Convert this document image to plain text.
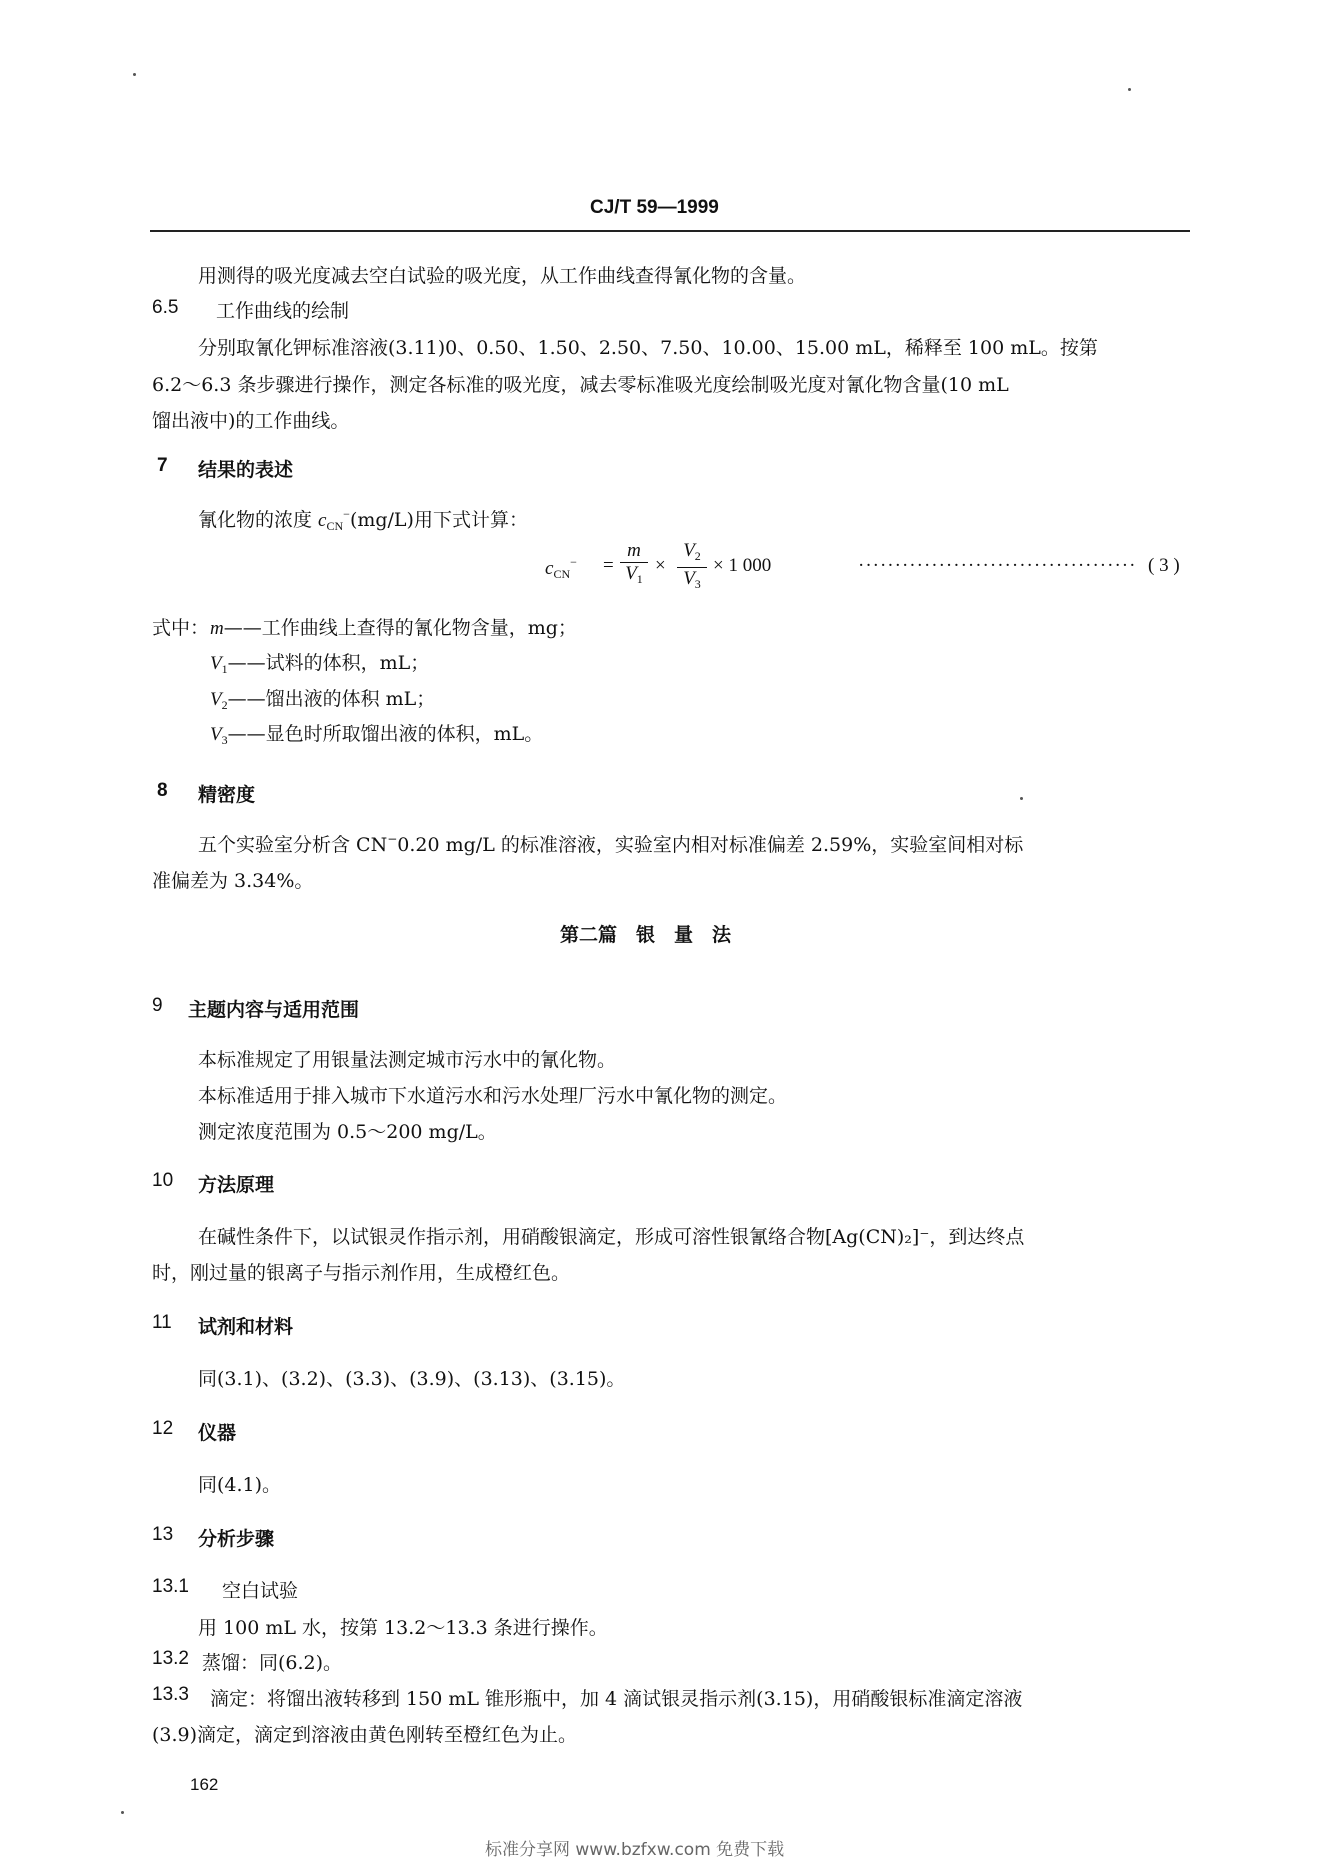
CJ/T 59—1999
用测得的吸光度减去空白试验的吸光度，从工作曲线查得氰化物的含量。
6.5 工作曲线的绘制
分别取氰化钾标准溶液(3.11)0、0.50、1.50、2.50、7.50、10.00、15.00 mL，稀释至 100 mL。按第
6.2～6.3 条步骤进行操作，测定各标准的吸光度，减去零标准吸光度绘制吸光度对氰化物含量(10 mL
馏出液中)的工作曲线。
7 结果的表述
氰化物的浓度 $c_{CN}^-(mg/L)$用下式计算：
$c_{CN}^-$ =
m
$V_1$
×
$V_2$
$V_3$
× 1 000	······································ ( 3 )
式中： m——工作曲线上查得的氰化物含量，mg；
$V_1——$试料的体积，mL；
$V_2——$馏出液的体积 mL；
$V_3——$显色时所取馏出液的体积，mL。
8 精密度
五个实验室分析含 CN−0.20 mg/L 的标准溶液，实验室内相对标准偏差 2.59%，实验室间相对标
准偏差为 3.34%。
第二篇　银　量　法
9 主题内容与适用范围
本标准规定了用银量法测定城市污水中的氰化物。
本标准适用于排入城市下水道污水和污水处理厂污水中氰化物的测定。
测定浓度范围为 0.5～200 mg/L。
10 方法原理
在碱性条件下，以试银灵作指示剂，用硝酸银滴定，形成可溶性银氰络合物[Ag(CN)₂]⁻，到达终点
时，刚过量的银离子与指示剂作用，生成橙红色。
11 试剂和材料
同(3.1)、(3.2)、(3.3)、(3.9)、(3.13)、(3.15)。
12 仪器
同(4.1)。
13 分析步骤
13.1 空白试验
用 100 mL 水，按第 13.2～13.3 条进行操作。
13.2 蒸馏：同(6.2)。
13.3 滴定：将馏出液转移到 150 mL 锥形瓶中，加 4 滴试银灵指示剂(3.15)，用硝酸银标准滴定溶液
(3.9)滴定，滴定到溶液由黄色刚转至橙红色为止。
162
标准分享网 www.bzfxw.com 免费下载
